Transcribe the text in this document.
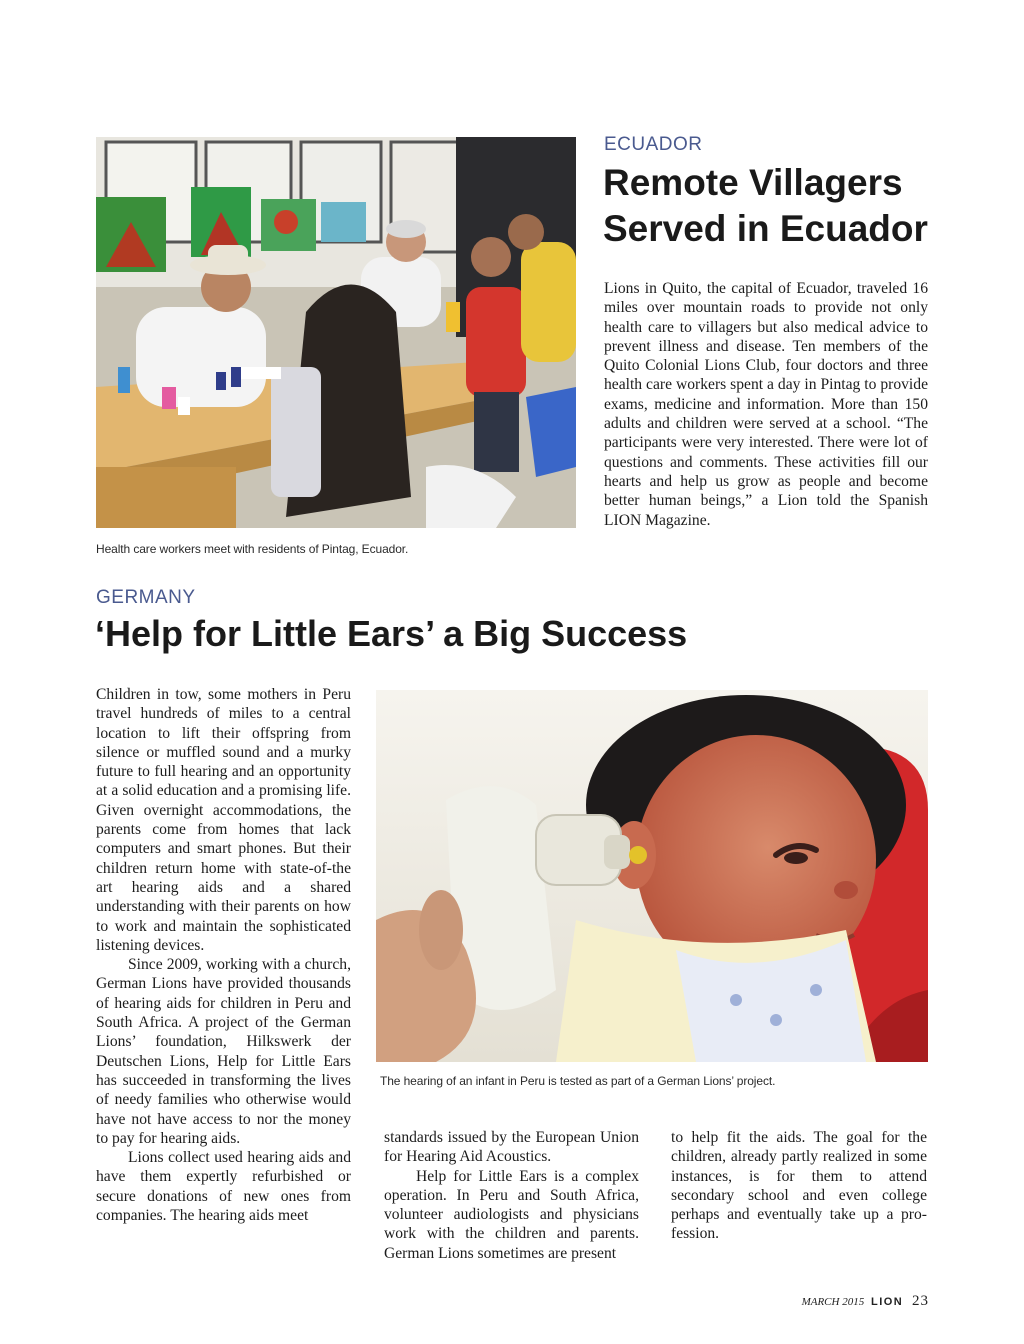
Health care workers meet with residents of Pintag, Ecuador.
ECUADOR
Remote Villagers
Served in Ecuador

Lions in Quito, the capital of Ecuador, traveled 16 miles over mountain roads to provide not only health care to villagers but also medical advice to prevent illness and disease. Ten members of the Quito Colonial Lions Club, four doctors and three health care workers spent a day in Pintag to provide exams, medicine and information. More than 150 adults and children were served at a school. “The participants were very interested. There were lot of questions and comments. These activities fill our hearts and help us grow as people and become better human beings,” a Lion told the Spanish LION Magazine.

GERMANY
‘Help for Little Ears’ a Big Success

Children in tow, some mothers in Peru travel hundreds of miles to a central location to lift their offspring from silence or muffled sound and a murky future to full hearing and an opportunity at a solid education and a promising life. Given overnight accommodations, the parents come from homes that lack computers and smart phones. But their children return home with state-of-the art hearing aids and a shared understanding with their parents on how to work and maintain the sophisticated listening devices.

Since 2009, working with a church, German Lions have provided thousands of hearing aids for children in Peru and South Africa. A project of the German Lions’ foundation, Hilkswerk der Deutschen Lions, Help for Little Ears has succeeded in transforming the lives of needy families who otherwise would have not have access to nor the money to pay for hearing aids.

Lions collect used hearing aids and have them expertly refurbished or secure donations of new ones from companies. The hearing aids meet

The hearing of an infant in Peru is tested as part of a German Lions’ project.

standards issued by the European Union for Hearing Aid Acoustics.

Help for Little Ears is a complex operation. In Peru and South Africa, volunteer audiologists and physicians work with the children and parents. German Lions sometimes are present

to help fit the aids. The goal for the children, already partly realized in some instances, is for them to attend secondary school and even college perhaps and eventually take up a profession.

MARCH 2015 LION 23
